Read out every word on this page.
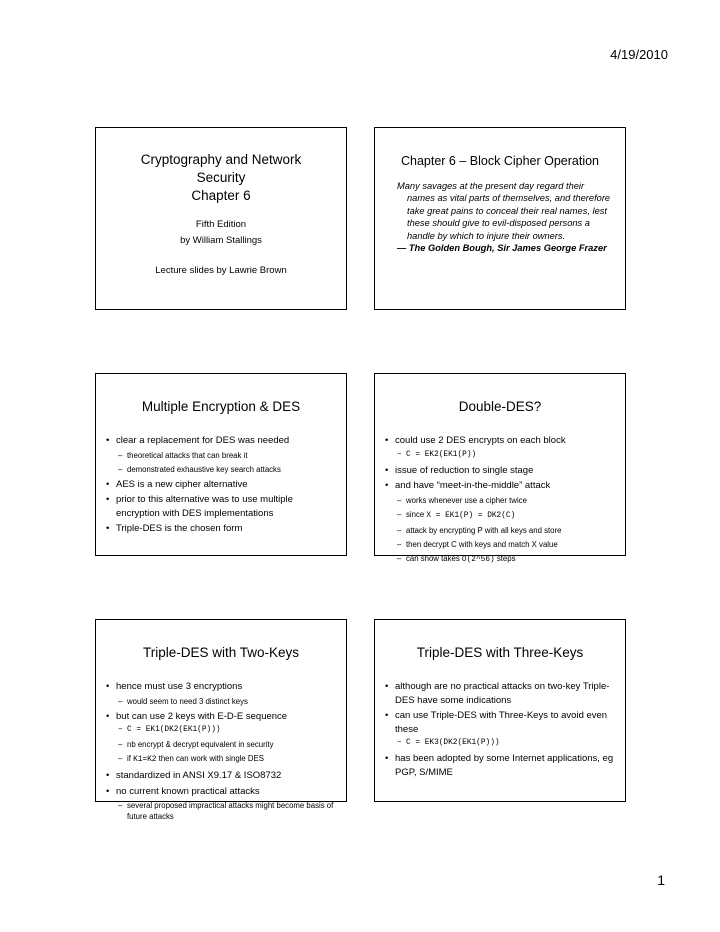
4/19/2010
Cryptography and Network
Security
Chapter 6
Fifth Edition
by William Stallings
Lecture slides by Lawrie Brown
Chapter 6 – Block Cipher Operation
Many savages at the present day regard their names as vital parts of themselves, and therefore take great pains to conceal their real names, lest these should give to evil-disposed persons a handle by which to injure their owners.
— The Golden Bough, Sir James George Frazer
Multiple Encryption & DES
• clear a replacement for DES was needed
– theoretical attacks that can break it
– demonstrated exhaustive key search attacks
• AES is a new cipher alternative
• prior to this alternative was to use multiple encryption with DES implementations
• Triple-DES is the chosen form
Double-DES?
• could use 2 DES encrypts on each block
– C = EK2(EK1(P))
• issue of reduction to single stage
• and have “meet-in-the-middle” attack
– works whenever use a cipher twice
– since X = EK1(P) = DK2(C)
– attack by encrypting P with all keys and store
– then decrypt C with keys and match X value
– can show takes O(2^56) steps
Triple-DES with Two-Keys
• hence must use 3 encryptions
– would seem to need 3 distinct keys
• but can use 2 keys with E-D-E sequence
– C = EK1(DK2(EK1(P)))
– nb encrypt & decrypt equivalent in security
– if K1=K2 then can work with single DES
• standardized in ANSI X9.17 & ISO8732
• no current known practical attacks
– several proposed impractical attacks might become basis of future attacks
Triple-DES with Three-Keys
• although are no practical attacks on two-key Triple-DES have some indications
• can use Triple-DES with Three-Keys to avoid even these
– C = EK3(DK2(EK1(P)))
• has been adopted by some Internet applications, eg PGP, S/MIME
1
